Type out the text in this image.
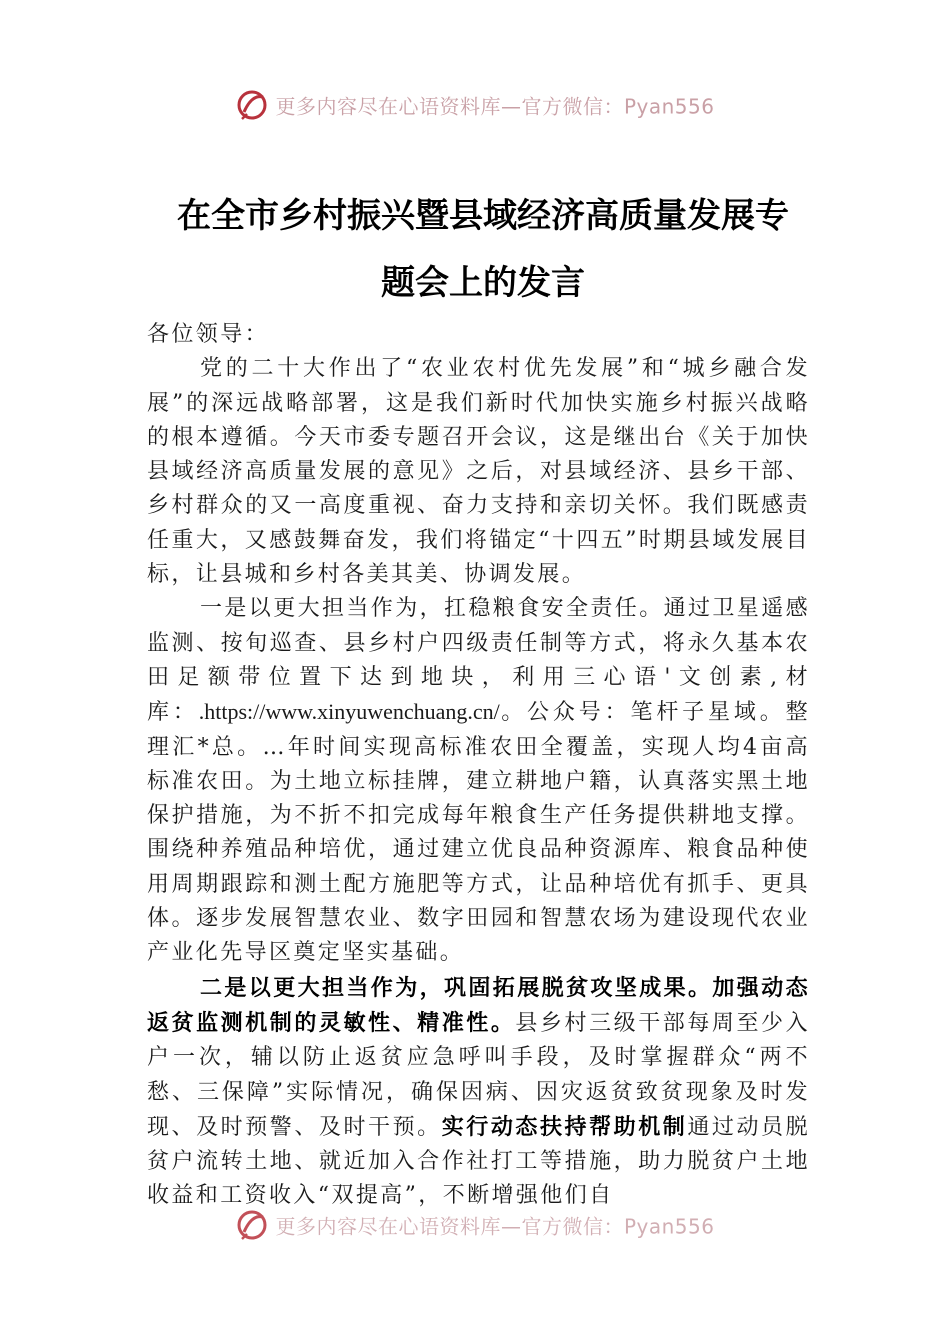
更多内容尽在心语资料库—官方微信：Pyan556
在全市乡村振兴暨县域经济高质量发展专
题会上的发言

各位领导：

党的二十大作出了“农业农村优先发展”和“城乡融合发展”的深远战略部署，这是我们新时代加快实施乡村振兴战略的根本遵循。今天市委专题召开会议，这是继出台《关于加快县域经济高质量发展的意见》之后，对县域经济、县乡干部、乡村群众的又一高度重视、奋力支持和亲切关怀。我们既感责任重大，又感鼓舞奋发，我们将锚定“十四五”时期县域发展目标，让县城和乡村各美其美、协调发展。

一是以更大担当作为，扛稳粮食安全责任。通过卫星遥感监测、按旬巡查、县乡村户四级责任制等方式，将永久基本农田足额带位置下达到地块，利用三心语'文创素,材库：.https://www.xinyuwenchuang.cn/。公众号：笔杆子星域。整理汇*总。…年时间实现高标准农田全覆盖，实现人均4亩高标准农田。为土地立标挂牌，建立耕地户籍，认真落实黑土地保护措施，为不折不扣完成每年粮食生产任务提供耕地支撑。围绕种养殖品种培优，通过建立优良品种资源库、粮食品种使用周期跟踪和测土配方施肥等方式，让品种培优有抓手、更具体。逐步发展智慧农业、数字田园和智慧农场为建设现代农业产业化先导区奠定坚实基础。

二是以更大担当作为，巩固拓展脱贫攻坚成果。加强动态返贫监测机制的灵敏性、精准性。县乡村三级干部每周至少入户一次，辅以防止返贫应急呼叫手段，及时掌握群众“两不愁、三保障”实际情况，确保因病、因灾返贫致贫现象及时发现、及时预警、及时干预。实行动态扶持帮助机制通过动员脱贫户流转土地、就近加入合作社打工等措施，助力脱贫户土地收益和工资收入“双提高”，不断增强他们自

更多内容尽在心语资料库—官方微信：Pyan556
